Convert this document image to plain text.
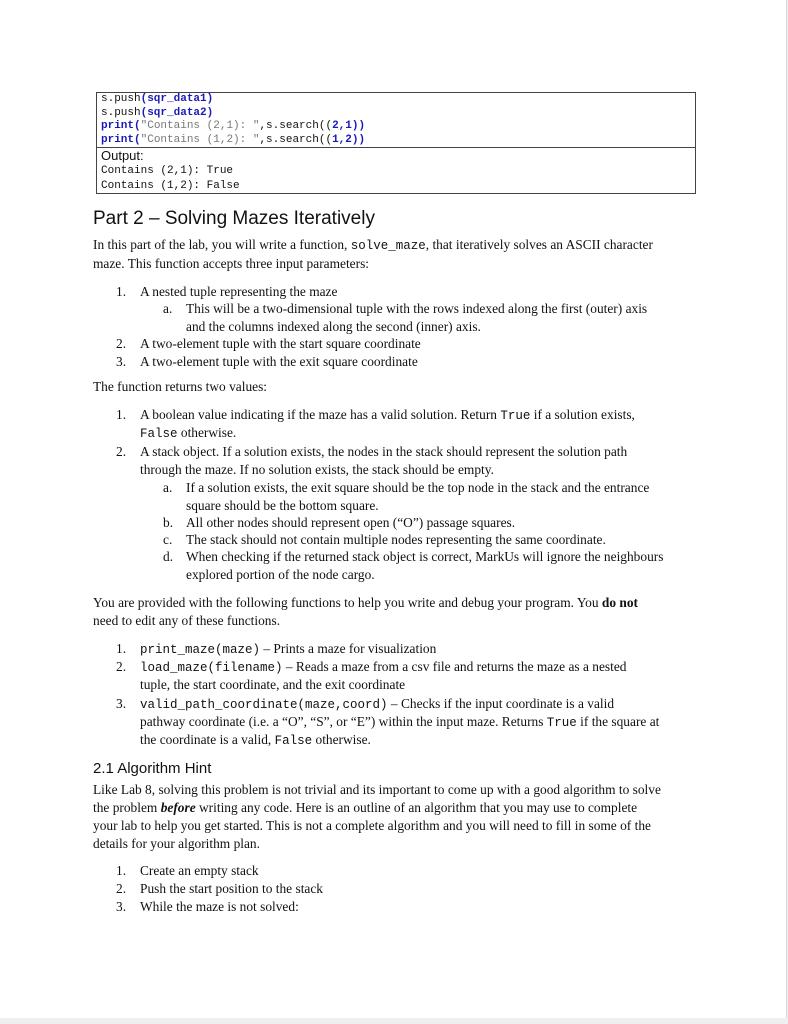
s.push(sqr_data1)
s.push(sqr_data2)
print("Contains (2,1): ",s.search((2,1))
print("Contains (1,2): ",s.search((1,2))
Output:
Contains (2,1): True
Contains (1,2): False
Part 2 – Solving Mazes Iteratively
In this part of the lab, you will write a function, solve_maze, that iteratively solves an ASCII character
maze. This function accepts three input parameters:
1. A nested tuple representing the maze
a. This will be a two-dimensional tuple with the rows indexed along the first (outer) axis
and the columns indexed along the second (inner) axis.
2. A two-element tuple with the start square coordinate
3. A two-element tuple with the exit square coordinate
The function returns two values:
1. A boolean value indicating if the maze has a valid solution. Return True if a solution exists,
False otherwise.
2. A stack object. If a solution exists, the nodes in the stack should represent the solution path
through the maze. If no solution exists, the stack should be empty.
a. If a solution exists, the exit square should be the top node in the stack and the entrance
square should be the bottom square.
b. All other nodes should represent open (“O”) passage squares.
c. The stack should not contain multiple nodes representing the same coordinate.
d. When checking if the returned stack object is correct, MarkUs will ignore the neighbours
explored portion of the node cargo.
You are provided with the following functions to help you write and debug your program. You do not
need to edit any of these functions.
1. print_maze(maze) – Prints a maze for visualization
2. load_maze(filename) – Reads a maze from a csv file and returns the maze as a nested
tuple, the start coordinate, and the exit coordinate
3. valid_path_coordinate(maze,coord) – Checks if the input coordinate is a valid
pathway coordinate (i.e. a “O”, “S”, or “E”) within the input maze. Returns True if the square at
the coordinate is a valid, False otherwise.
2.1 Algorithm Hint
Like Lab 8, solving this problem is not trivial and its important to come up with a good algorithm to solve
the problem before writing any code. Here is an outline of an algorithm that you may use to complete
your lab to help you get started. This is not a complete algorithm and you will need to fill in some of the
details for your algorithm plan.
1. Create an empty stack
2. Push the start position to the stack
3. While the maze is not solved:
